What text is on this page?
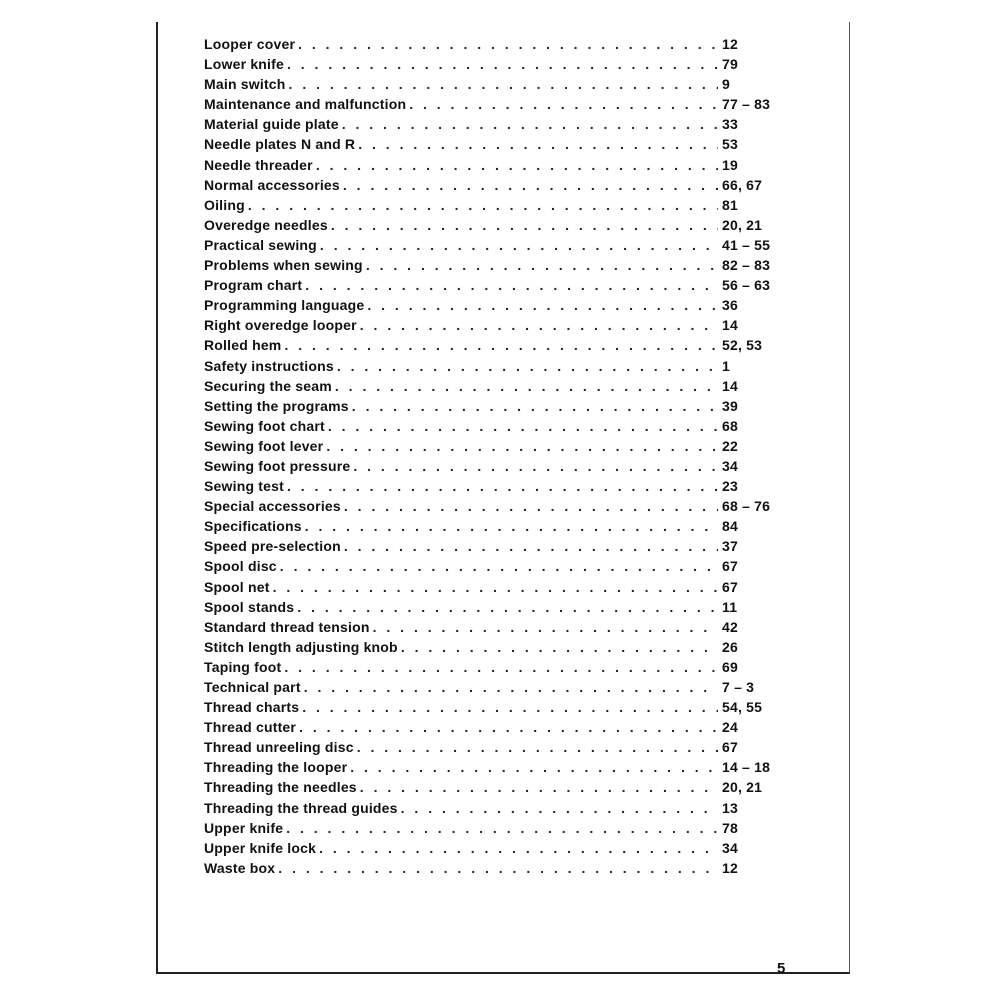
Looper cover . . .	12
Lower knife . . .	79
Main switch . . .	9
Maintenance and malfunction . . .	77 – 83
Material guide plate . . .	33
Needle plates N and R . . .	53
Needle threader . . .	19
Normal accessories . . .	66, 67
Oiling . . .	81
Overedge needles . . .	20, 21
Practical sewing . . .	41 – 55
Problems when sewing . . .	82 – 83
Program chart . . .	56 – 63
Programming language . . .	36
Right overedge looper . . .	14
Rolled hem . . .	52, 53
Safety instructions . . .	1
Securing the seam . . .	14
Setting the programs . . .	39
Sewing foot chart . . .	68
Sewing foot lever . . .	22
Sewing foot pressure . . .	34
Sewing test . . .	23
Special accessories . . .	68 – 76
Specifications . . .	84
Speed pre-selection . . .	37
Spool disc . . .	67
Spool net . . .	67
Spool stands . . .	11
Standard thread tension . . .	42
Stitch length adjusting knob . . .	26
Taping foot . . .	69
Technical part . . .	7 – 3
Thread charts . . .	54, 55
Thread cutter . . .	24
Thread unreeling disc . . .	67
Threading the looper . . .	14 – 18
Threading the needles . . .	20, 21
Threading the thread guides . . .	13
Upper knife . . .	78
Upper knife lock . . .	34
Waste box . . .	12
5
